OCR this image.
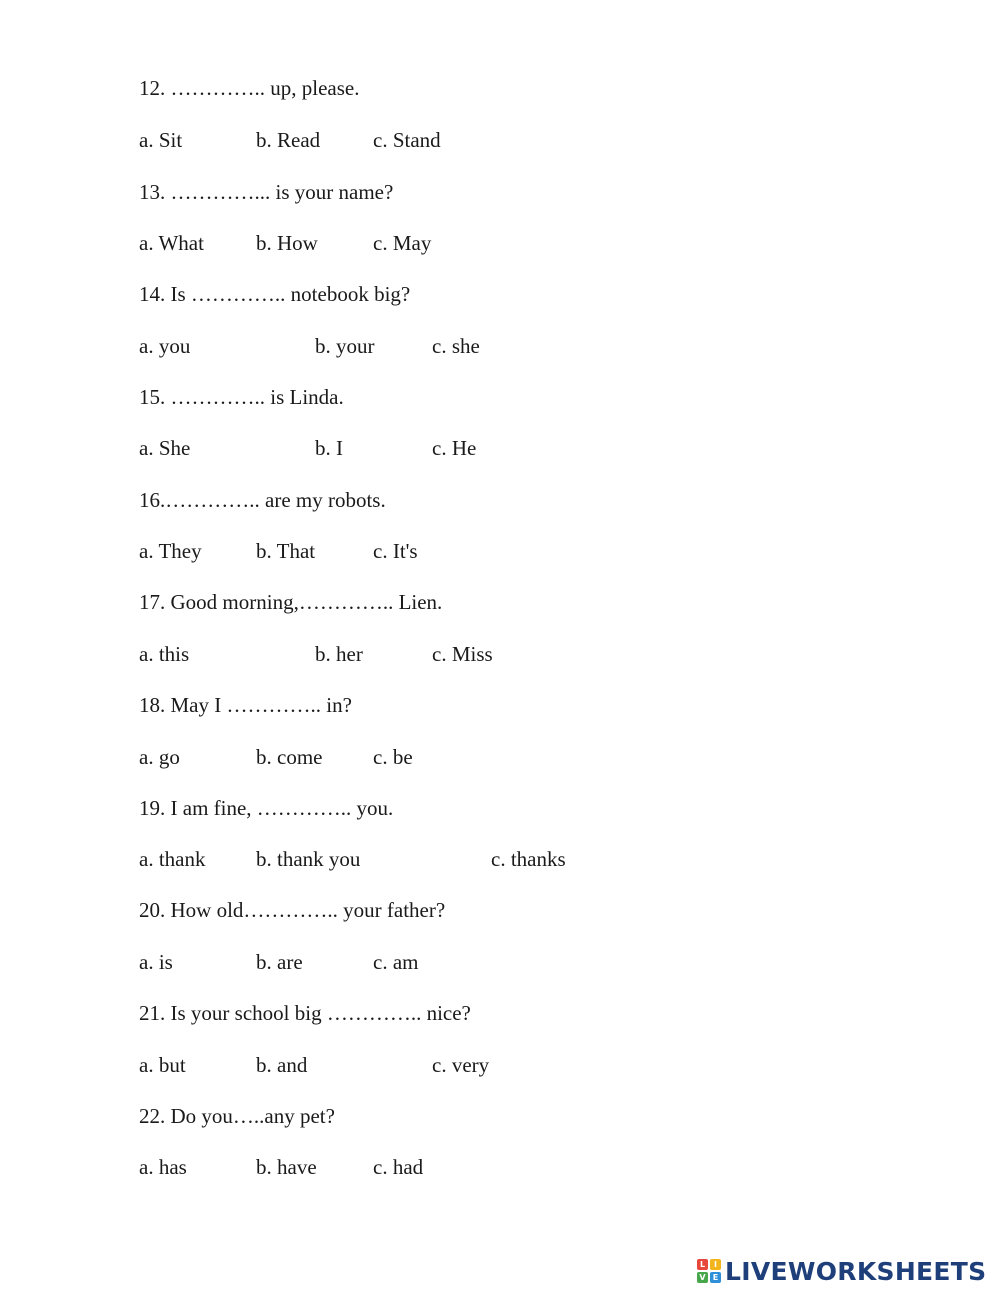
12. ………….. up, please.
a. Sit	b. Read	c. Stand
13. …………... is your name?
a. What b. How	c. May
14. Is ………….. notebook big?
a. you	b. your	c. she
15. ………….. is Linda.
a. She	b. I	c. He
16.………….. are my robots.
a. They	b. That	c. It's
17. Good morning,………….. Lien.
a. this	b. her	c. Miss
18. May I ………….. in?
a. go	b. come c. be
19. I am fine, ………….. you.
a. thank b. thank you	c. thanks
20. How old………….. your father?
a. is	b. are	c. am
21. Is your school big ………….. nice?
a. but	b. and	c. very
22. Do you…..any pet?
a. has	b. have	c. had
L	I
V E LIVEWORKSHEETS
